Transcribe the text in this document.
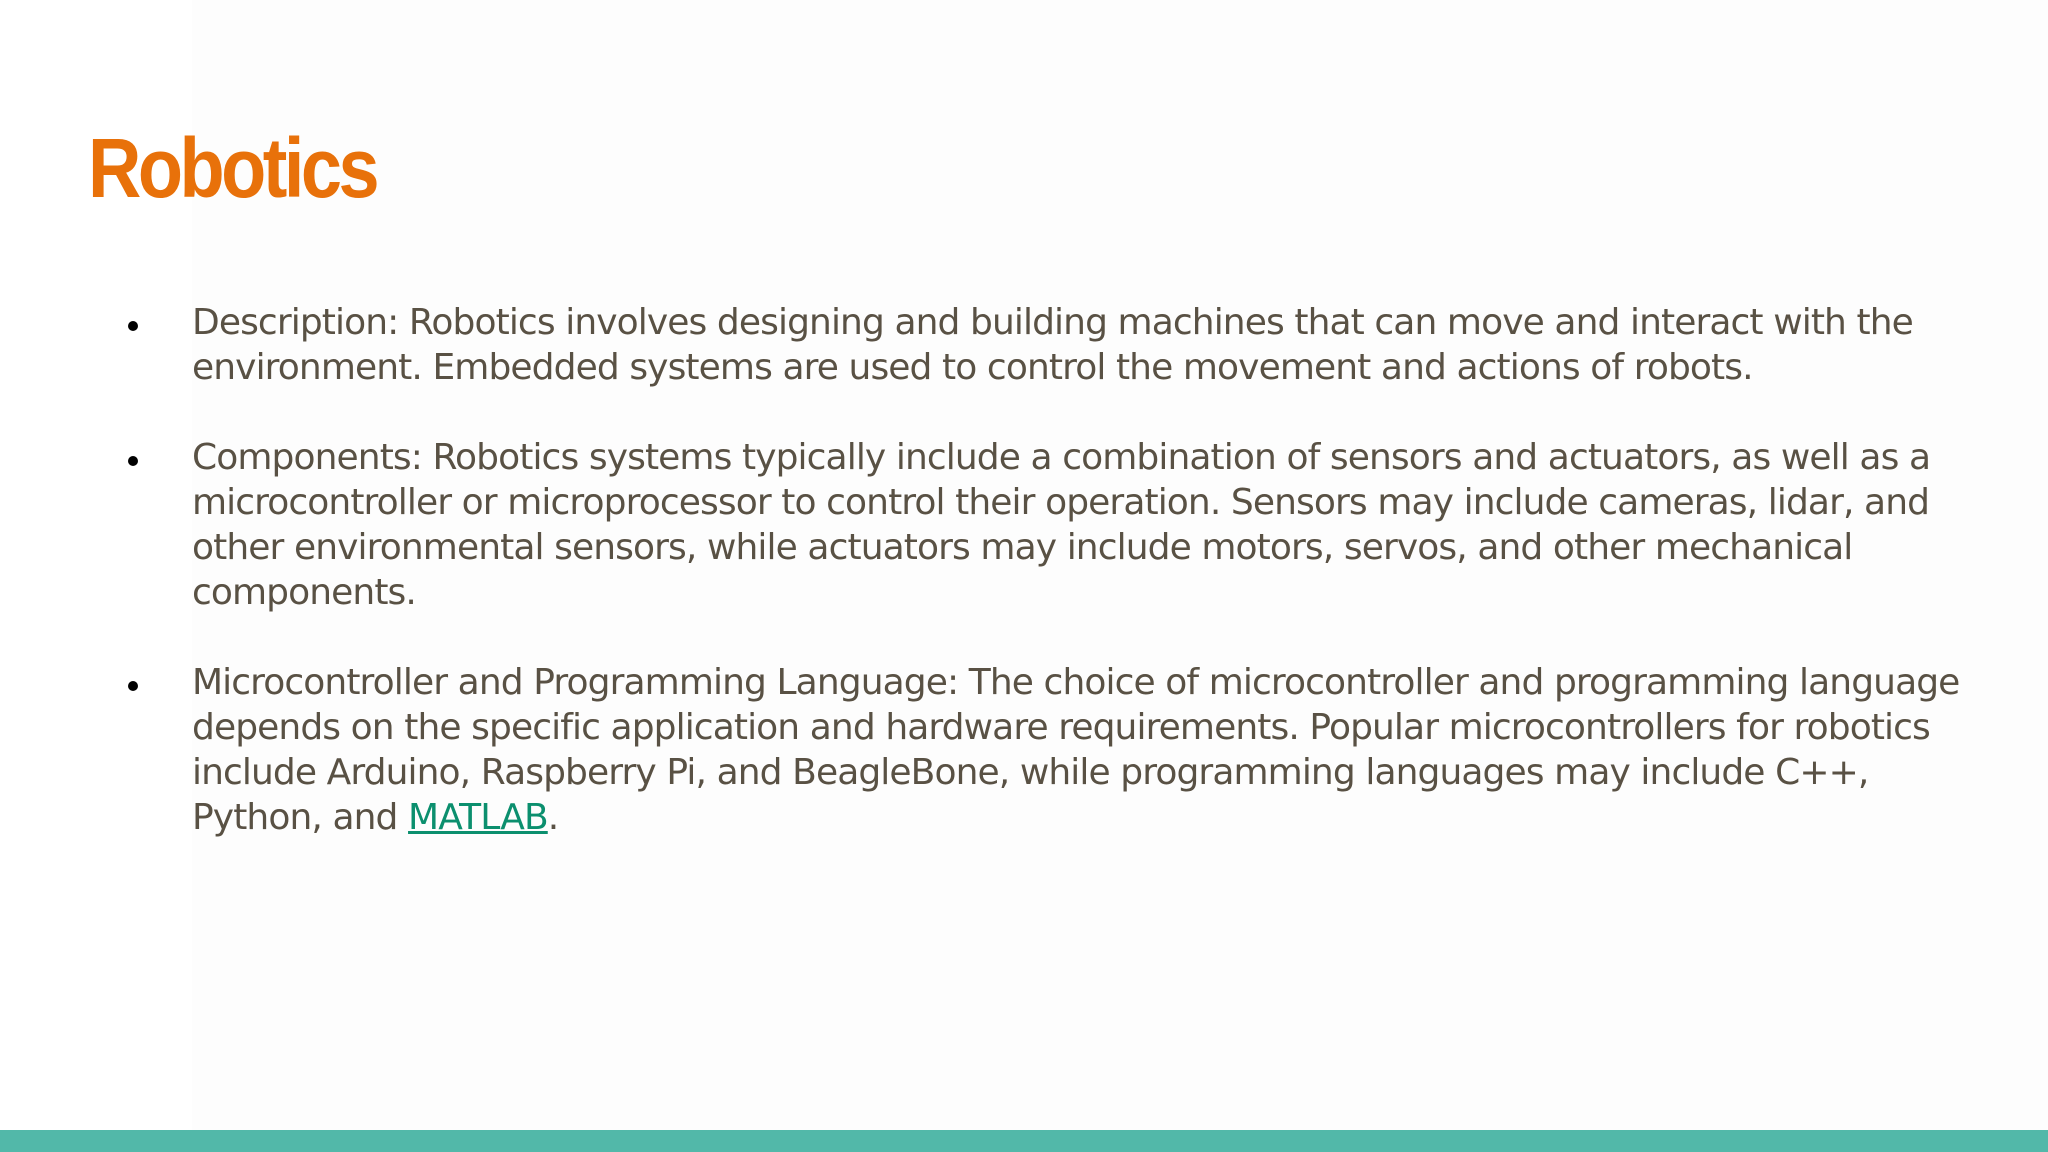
Robotics
Description: Robotics involves designing and building machines that can move and interact with the environment. Embedded systems are used to control the movement and actions of robots.
Components: Robotics systems typically include a combination of sensors and actuators, as well as a microcontroller or microprocessor to control their operation. Sensors may include cameras, lidar, and other environmental sensors, while actuators may include motors, servos, and other mechanical components.
Microcontroller and Programming Language: The choice of microcontroller and programming language depends on the specific application and hardware requirements. Popular microcontrollers for robotics include Arduino, Raspberry Pi, and BeagleBone, while programming languages may include C++, Python, and MATLAB.
